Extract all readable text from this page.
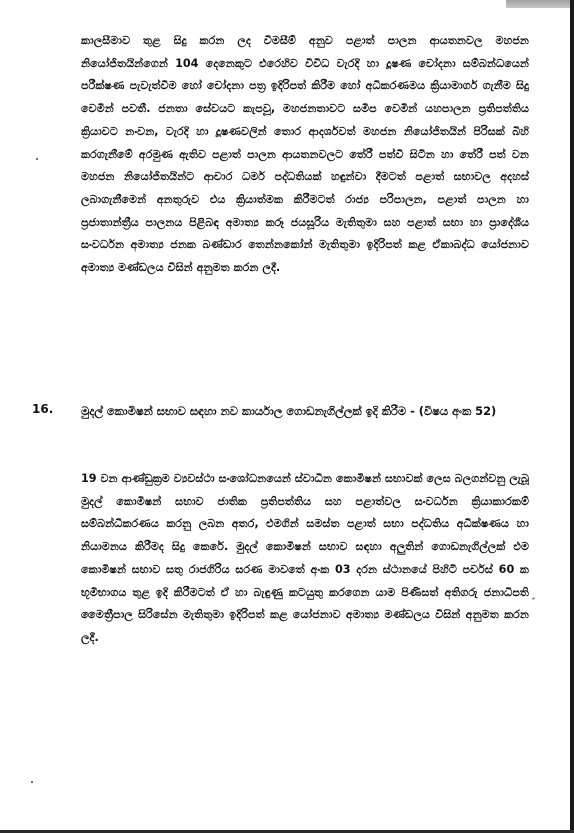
කාලසීමාව තුළ සිදු කරන ලද විමසීම් අනුව පළාත් පාලන ආයතනවල මහජන නියෝජිතයින්ගෙන් 104 දෙනෙකුට එරෙහිව විවිධ වැරදි හා දූෂණ චෝදනා සම්බන්ධයෙන් පරීක්ෂණ පැවැත්වීම හෝ චෝදනා පත්‍ර ඉදිරිපත් කිරීම හෝ අධිකරණමය ක්‍රියාමාර්ග ගැනීම සිදු වෙමින් පවතී. ජනතා සේවයට කැපවූ, මහජනතාවට සමීප වෙමින් යහපාලන ප්‍රතිපත්තිය ක්‍රියාවට නංවන, වැරදි හා දූෂණවලින් තොර ආදර්ශවත් මහජන නියෝජිතයින් පිරිසක් බිහි කරගැනීමේ අරමුණ ඇතිව පළාත් පාලන ආයතනවලට තේරී පත්වී සිටින හා තේරී පත් වන මහජන නියෝජිතයින්ට ආචාර ධර්ම පද්ධතියක් හඳුන්වා දීමටත් පළාත් සභාවල අදහස් ලබාගැනීමෙන් අනතුරුව එය ක්‍රියාත්මක කිරීමටත් රාජ්‍ය පරිපාලන, පළාත් පාලන හා ප්‍රජාතාන්ත්‍රීය පාලනය පිළිබඳ අමාත්‍ය කරූ ජයසූරිය මැතිතුමා සහ පළාත් සභා හා ප්‍රාදේශීය සංවර්ධන අමාත්‍ය ජනක බණ්ඩාර තෙන්නකෝන් මැතිතුමා ඉදිරිපත් කළ ඒකාබද්ධ යෝජනාව අමාත්‍ය මණ්ඩලය විසින් අනුමත කරන ලදී.

16. මුදල් කොමිෂන් සභාව සඳහා නව කාර්යාල ගොඩනැගිල්ලක් ඉදි කිරීම - (විෂය අංක 52)

19 වන ආණ්ඩුක්‍රම ව්‍යවස්ථා සංශෝධනයෙන් ස්වාධීන කොමිෂන් සභාවක් ලෙස බලගන්වනු ලැබූ මුදල් කොමිෂන් සභාව ජාතික ප්‍රතිපත්තිය සහ පළාත්වල සංවර්ධන ක්‍රියාකාරකම් සම්බන්ධීකරණය කරනු ලබන අතර, එමගින් සමස්ත පළාත් සභා පද්ධතිය අධීක්ෂණය හා නියාමනය කිරීමද සිදු කෙරේ. මුදල් කොමිෂන් සභාව සඳහා අලුතින් ගොඩනැගිල්ලක් එම කොමිෂන් සභාව සතු රාජගිරිය සරණ මාවතේ අංක 03 දරන ස්ථානයේ පිහිටි පර්චස් 60 ක භූමිභාගය තුළ ඉදි කිරීමටත් ඒ හා බැඳුණු කටයුතු කරගෙන යාම පිණිසත් අතිගරු ජනාධිපති මෛත්‍රීපාල සිරිසේන මැතිතුමා ඉදිරිපත් කළ යෝජනාව අමාත්‍ය මණ්ඩලය විසින් අනුමත කරන ලදී.
